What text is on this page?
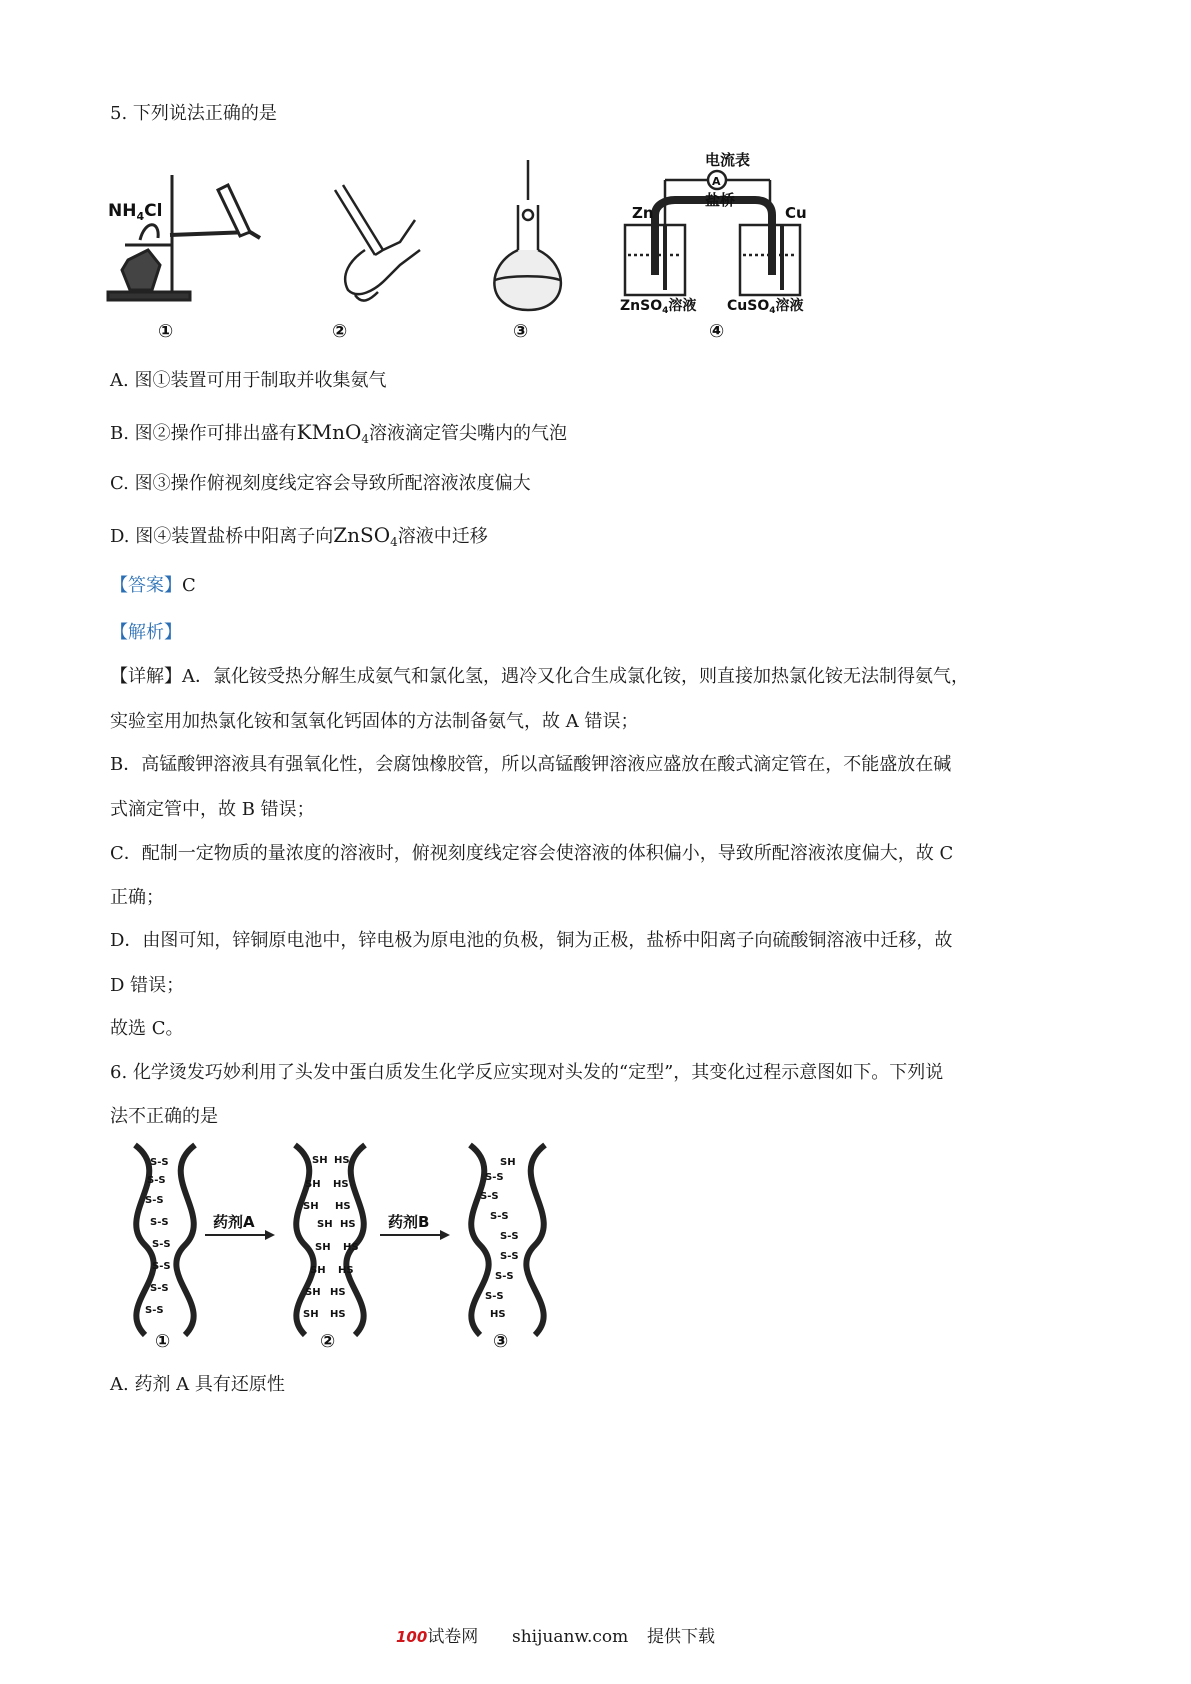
5. 下列说法正确的是
$NH_4Cl$
电流表
A
盐桥
Zn	Cu
ZnSO$_4$溶液 CuSO$_4$溶液
①	②	③	④
A. 图①装置可用于制取并收集氨气
B. 图②操作可排出盛有KMnO$_4$溶液滴定管尖嘴内的气泡
C. 图③操作俯视刻度线定容会导致所配溶液浓度偏大
D. 图④装置盐桥中阳离子向ZnSO$_4$溶液中迁移
【答案】C
【解析】
【详解】A．氯化铵受热分解生成氨气和氯化氢，遇冷又化合生成氯化铵，则直接加热氯化铵无法制得氨气，
实验室用加热氯化铵和氢氧化钙固体的方法制备氨气，故 A 错误；
B．高锰酸钾溶液具有强氧化性，会腐蚀橡胶管，所以高锰酸钾溶液应盛放在酸式滴定管在，不能盛放在碱
式滴定管中，故 B 错误；
C．配制一定物质的量浓度的溶液时，俯视刻度线定容会使溶液的体积偏小，导致所配溶液浓度偏大，故 C
正确；
D．由图可知，锌铜原电池中，锌电极为原电池的负极，铜为正极，盐桥中阳离子向硫酸铜溶液中迁移，故
D 错误；
故选 C。
6. 化学烫发巧妙利用了头发中蛋白质发生化学反应实现对头发的“定型”，其变化过程示意图如下。下列说
法不正确的是
S-S
S-S
S-S
S-S
S-S
S-S
S-S
S-S
药剂A
SH HS
SH HS
SH HS
SH HS
SH HS
SH HS
SH HS
SH HS
药剂B
SH
S-S
S-S
S-S
S-S
S-S
S-S
S-S
HS
①	②	③
A. 药剂 A 具有还原性
100试卷网 shijuanw.com 提供下载
